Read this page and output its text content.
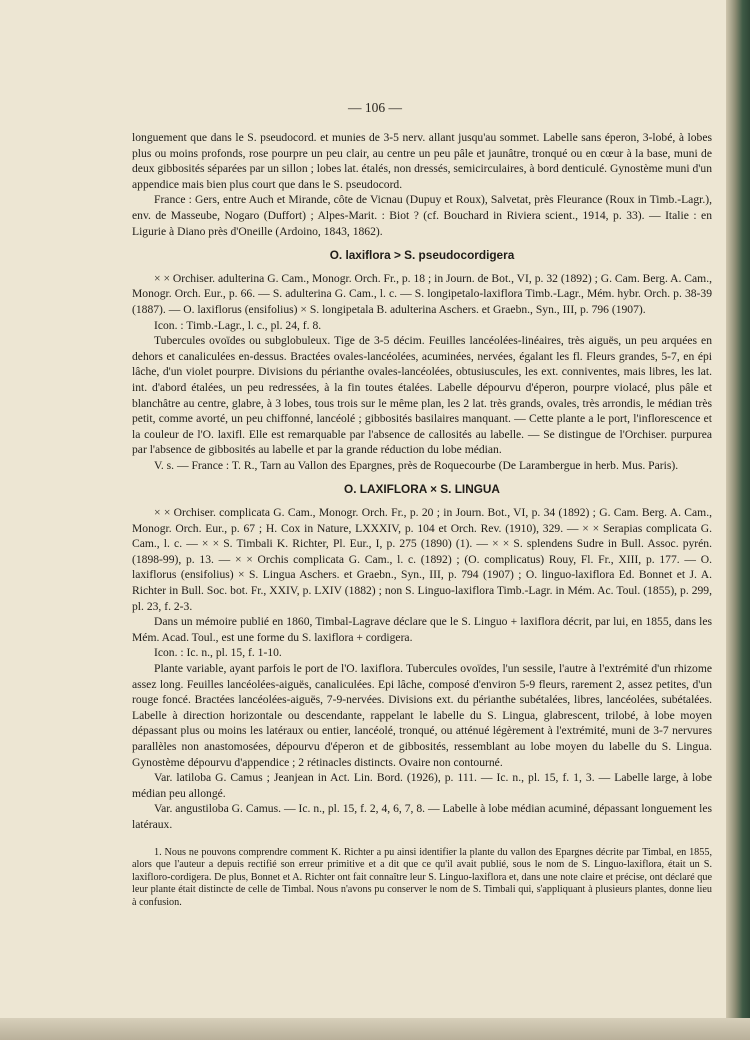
— 106 —

longuement que dans le S. pseudocord. et munies de 3-5 nerv. allant jusqu'au sommet. Labelle sans éperon, 3-lobé, à lobes plus ou moins profonds, rose pourpre un peu clair, au centre un peu pâle et jaunâtre, tronqué ou en cœur à la base, muni de deux gibbosités séparées par un sillon ; lobes lat. étalés, non dressés, semicirculaires, à bord denticulé. Gynostème muni d'un appendice mais bien plus court que dans le S. pseudocord.

France : Gers, entre Auch et Mirande, côte de Vicnau (Dupuy et Roux), Salvetat, près Fleurance (Roux in Timb.-Lagr.), env. de Masseube, Nogaro (Duffort) ; Alpes-Marit. : Biot ? (cf. Bouchard in Riviera scient., 1914, p. 33). — Italie : en Ligurie à Diano près d'Oneille (Ardoino, 1843, 1862).

O. laxiflora > S. pseudocordigera

× × Orchiser. adulterina G. Cam., Monogr. Orch. Fr., p. 18 ; in Journ. de Bot., VI, p. 32 (1892) ; G. Cam. Berg. A. Cam., Monogr. Orch. Eur., p. 66. — S. adulterina G. Cam., l. c. — S. longipetalo-laxiflora Timb.-Lagr., Mém. hybr. Orch. p. 38-39 (1887). — O. laxiflorus (ensifolius) × S. longipetala B. adulterina Aschers. et Graebn., Syn., III, p. 796 (1907).

Icon. : Timb.-Lagr., l. c., pl. 24, f. 8.

Tubercules ovoïdes ou subglobuleux. Tige de 3-5 décim. Feuilles lancéolées-linéaires, très aiguës, un peu arquées en dehors et canaliculées en-dessus. Bractées ovales-lancéolées, acuminées, nervées, égalant les fl. Fleurs grandes, 5-7, en épi lâche, d'un violet pourpre. Divisions du périanthe ovales-lancéolées, obtusiuscules, les ext. conniventes, mais libres, les lat. int. d'abord étalées, un peu redressées, à la fin toutes étalées. Labelle dépourvu d'éperon, pourpre violacé, plus pâle et blanchâtre au centre, glabre, à 3 lobes, tous trois sur le même plan, les 2 lat. très grands, ovales, très arrondis, le médian très petit, comme avorté, un peu chiffonné, lancéolé ; gibbosités basilaires manquant. — Cette plante a le port, l'inflorescence et la couleur de l'O. laxifl. Elle est remarquable par l'absence de callosités au labelle. — Se distingue de l'Orchiser. purpurea par l'absence de gibbosités au labelle et par la grande réduction du lobe médian.

V. s. — France : T. R., Tarn au Vallon des Epargnes, près de Roquecourbe (De Larambergue in herb. Mus. Paris).

O. LAXIFLORA × S. LINGUA

× × Orchiser. complicata G. Cam., Monogr. Orch. Fr., p. 20 ; in Journ. Bot., VI, p. 34 (1892) ; G. Cam. Berg. A. Cam., Monogr. Orch. Eur., p. 67 ; H. Cox in Nature, LXXXIV, p. 104 et Orch. Rev. (1910), 329. — × × Serapias complicata G. Cam., l. c. — × × S. Timbali K. Richter, Pl. Eur., I, p. 275 (1890) (1). — × × S. splendens Sudre in Bull. Assoc. pyrén. (1898-99), p. 13. — × × Orchis complicata G. Cam., l. c. (1892) ; (O. complicatus) Rouy, Fl. Fr., XIII, p. 177. — O. laxiflorus (ensifolius) × S. Lingua Aschers. et Graebn., Syn., III, p. 794 (1907) ; O. linguo-laxiflora Ed. Bonnet et J. A. Richter in Bull. Soc. bot. Fr., XXIV, p. LXIV (1882) ; non S. Linguo-laxiflora Timb.-Lagr. in Mém. Ac. Toul. (1855), p. 299, pl. 23, f. 2-3.

Dans un mémoire publié en 1860, Timbal-Lagrave déclare que le S. Linguo + laxiflora décrit, par lui, en 1855, dans les Mém. Acad. Toul., est une forme du S. laxiflora + cordigera.

Icon. : Ic. n., pl. 15, f. 1-10.

Plante variable, ayant parfois le port de l'O. laxiflora. Tubercules ovoïdes, l'un sessile, l'autre à l'extrémité d'un rhizome assez long. Feuilles lancéolées-aiguës, canaliculées. Epi lâche, composé d'environ 5-9 fleurs, rarement 2, assez petites, d'un rouge foncé. Bractées lancéolées-aiguës, 7-9-nervées. Divisions ext. du périanthe subétalées, libres, lancéolées, subétalées. Labelle à direction horizontale ou descendante, rappelant le labelle du S. Lingua, glabrescent, trilobé, à lobe moyen dépassant plus ou moins les latéraux ou entier, lancéolé, tronqué, ou atténué légèrement à l'extrémité, muni de 3-7 nervures parallèles non anastomosées, dépourvu d'éperon et de gibbosités, ressemblant au lobe moyen du labelle du S. Lingua. Gynostème dépourvu d'appendice ; 2 rétinacles distincts. Ovaire non contourné.

Var. latiloba G. Camus ; Jeanjean in Act. Lin. Bord. (1926), p. 111. — Ic. n., pl. 15, f. 1, 3. — Labelle large, à lobe médian peu allongé.

Var. angustiloba G. Camus. — Ic. n., pl. 15, f. 2, 4, 6, 7, 8. — Labelle à lobe médian acuminé, dépassant longuement les latéraux.

1. Nous ne pouvons comprendre comment K. Richter a pu ainsi identifier la plante du vallon des Epargnes décrite par Timbal, en 1855, alors que l'auteur a depuis rectifié son erreur primitive et a dit que ce qu'il avait publié, sous le nom de S. Linguo-laxiflora, était un S. laxifloro-cordigera. De plus, Bonnet et A. Richter ont fait connaître leur S. Linguo-laxiflora et, dans une note claire et précise, ont déclaré que leur plante était distincte de celle de Timbal. Nous n'avons pu conserver le nom de S. Timbali qui, s'appliquant à plusieurs plantes, donne lieu à confusion.
